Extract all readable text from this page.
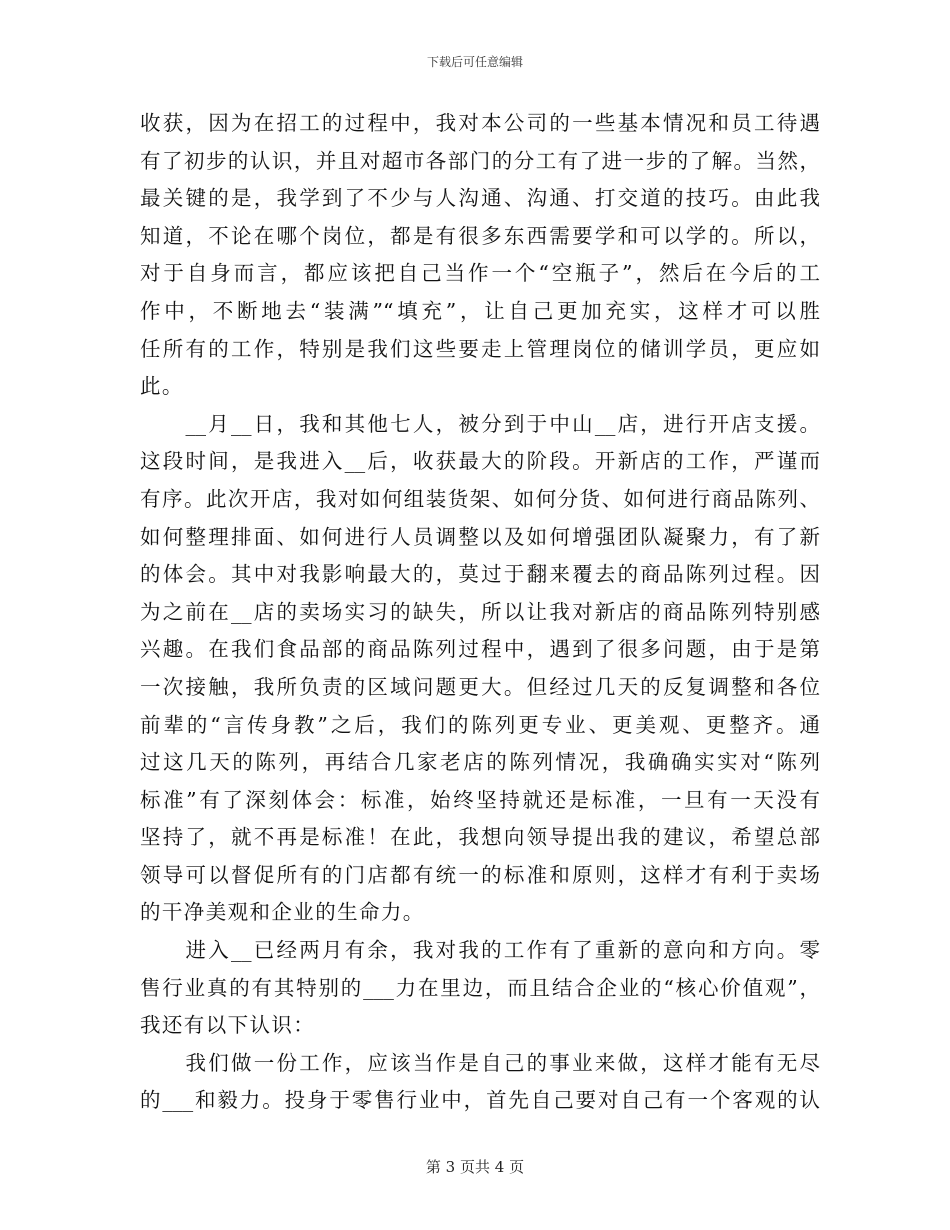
下载后可任意编辑
收获，因为在招工的过程中，我对本公司的一些基本情况和员工待遇
有了初步的认识，并且对超市各部门的分工有了进一步的了解。当然，
最关键的是，我学到了不少与人沟通、沟通、打交道的技巧。由此我
知道，不论在哪个岗位，都是有很多东西需要学和可以学的。所以，
对于自身而言，都应该把自己当作一个“空瓶子”，然后在今后的工
作中，不断地去“装满”“填充”，让自己更加充实，这样才可以胜
任所有的工作，特别是我们这些要走上管理岗位的储训学员，更应如
此。
　　__月__日，我和其他七人，被分到于中山__店，进行开店支援。
这段时间，是我进入__后，收获最大的阶段。开新店的工作，严谨而
有序。此次开店，我对如何组装货架、如何分货、如何进行商品陈列、
如何整理排面、如何进行人员调整以及如何增强团队凝聚力，有了新
的体会。其中对我影响最大的，莫过于翻来覆去的商品陈列过程。因
为之前在__店的卖场实习的缺失，所以让我对新店的商品陈列特别感
兴趣。在我们食品部的商品陈列过程中，遇到了很多问题，由于是第
一次接触，我所负责的区域问题更大。但经过几天的反复调整和各位
前辈的“言传身教”之后，我们的陈列更专业、更美观、更整齐。通
过这几天的陈列，再结合几家老店的陈列情况，我确确实实对“陈列
标准”有了深刻体会：标准，始终坚持就还是标准，一旦有一天没有
坚持了，就不再是标准！在此，我想向领导提出我的建议，希望总部
领导可以督促所有的门店都有统一的标准和原则，这样才有利于卖场
的干净美观和企业的生命力。
　　进入__已经两月有余，我对我的工作有了重新的意向和方向。零
售行业真的有其特别的___力在里边，而且结合企业的“核心价值观”，
我还有以下认识：
　　我们做一份工作，应该当作是自己的事业来做，这样才能有无尽
的___和毅力。投身于零售行业中，首先自己要对自己有一个客观的认
第 3 页共 4 页
